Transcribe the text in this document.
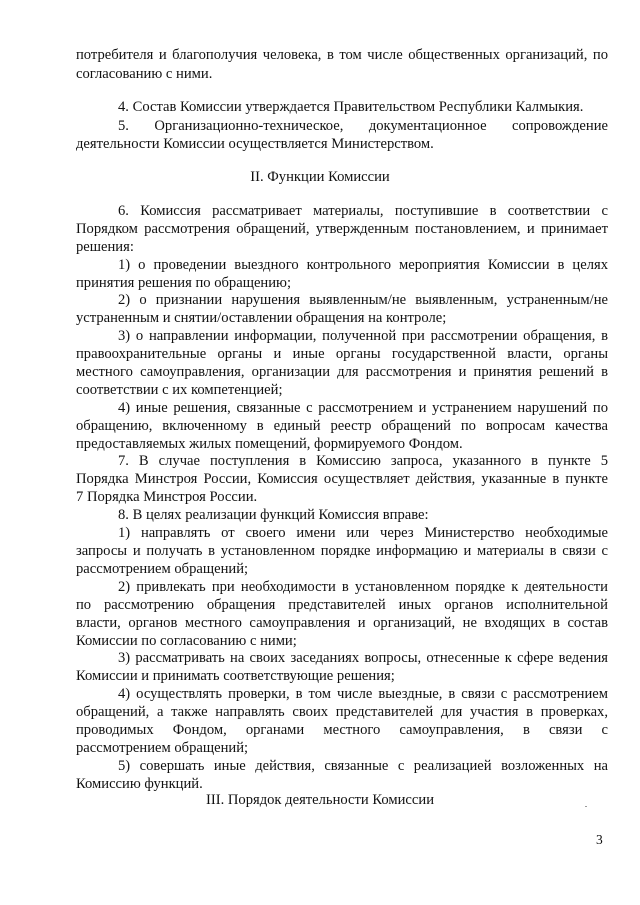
потребителя и благополучия человека, в том числе общественных организаций, по
согласованию с ними.
4. Состав Комиссии утверждается Правительством Республики Калмыкия.
5.    Организационно-техническое,    документационное    сопровождение
деятельности Комиссии осуществляется Министерством.
II. Функции Комиссии
6. Комиссия рассматривает материалы, поступившие в соответствии с
Порядком рассмотрения обращений, утвержденным постановлением, и принимает
решения:
1) о проведении выездного контрольного мероприятия Комиссии в целях
принятия решения по обращению;
2) о признании нарушения выявленным/не выявленным, устраненным/не
устраненным и снятии/оставлении обращения на контроле;
3) о направлении информации, полученной при рассмотрении обращения, в
правоохранительные органы и иные органы государственной власти, органы
местного самоуправления, организации для рассмотрения и принятия решений в
соответствии с их компетенцией;
4) иные решения, связанные с рассмотрением и устранением нарушений по
обращению, включенному в единый реестр обращений по вопросам качества
предоставляемых жилых помещений, формируемого Фондом.
7. В случае поступления в Комиссию запроса, указанного в пункте 5
Порядка Минстроя России, Комиссия осуществляет действия, указанные в пункте
7 Порядка Минстроя России.
8. В целях реализации функций Комиссия вправе:
1) направлять от своего имени или через Министерство необходимые
запросы и получать в установленном порядке информацию и материалы в связи с
рассмотрением обращений;
2) привлекать при необходимости в установленном порядке к деятельности
по рассмотрению обращения представителей иных органов исполнительной
власти, органов местного самоуправления и организаций, не входящих в состав
Комиссии по согласованию с ними;
3) рассматривать на своих заседаниях вопросы, отнесенные к сфере ведения
Комиссии и принимать соответствующие решения;
4) осуществлять проверки, в том числе выездные, в связи с рассмотрением
обращений, а также направлять своих представителей для участия в проверках,
проводимых    Фондом,    органами    местного    самоуправления,    в    связи    с
рассмотрением обращений;
5) совершать иные действия, связанные с реализацией возложенных на
Комиссию функций.
III. Порядок деятельности Комиссии
3
